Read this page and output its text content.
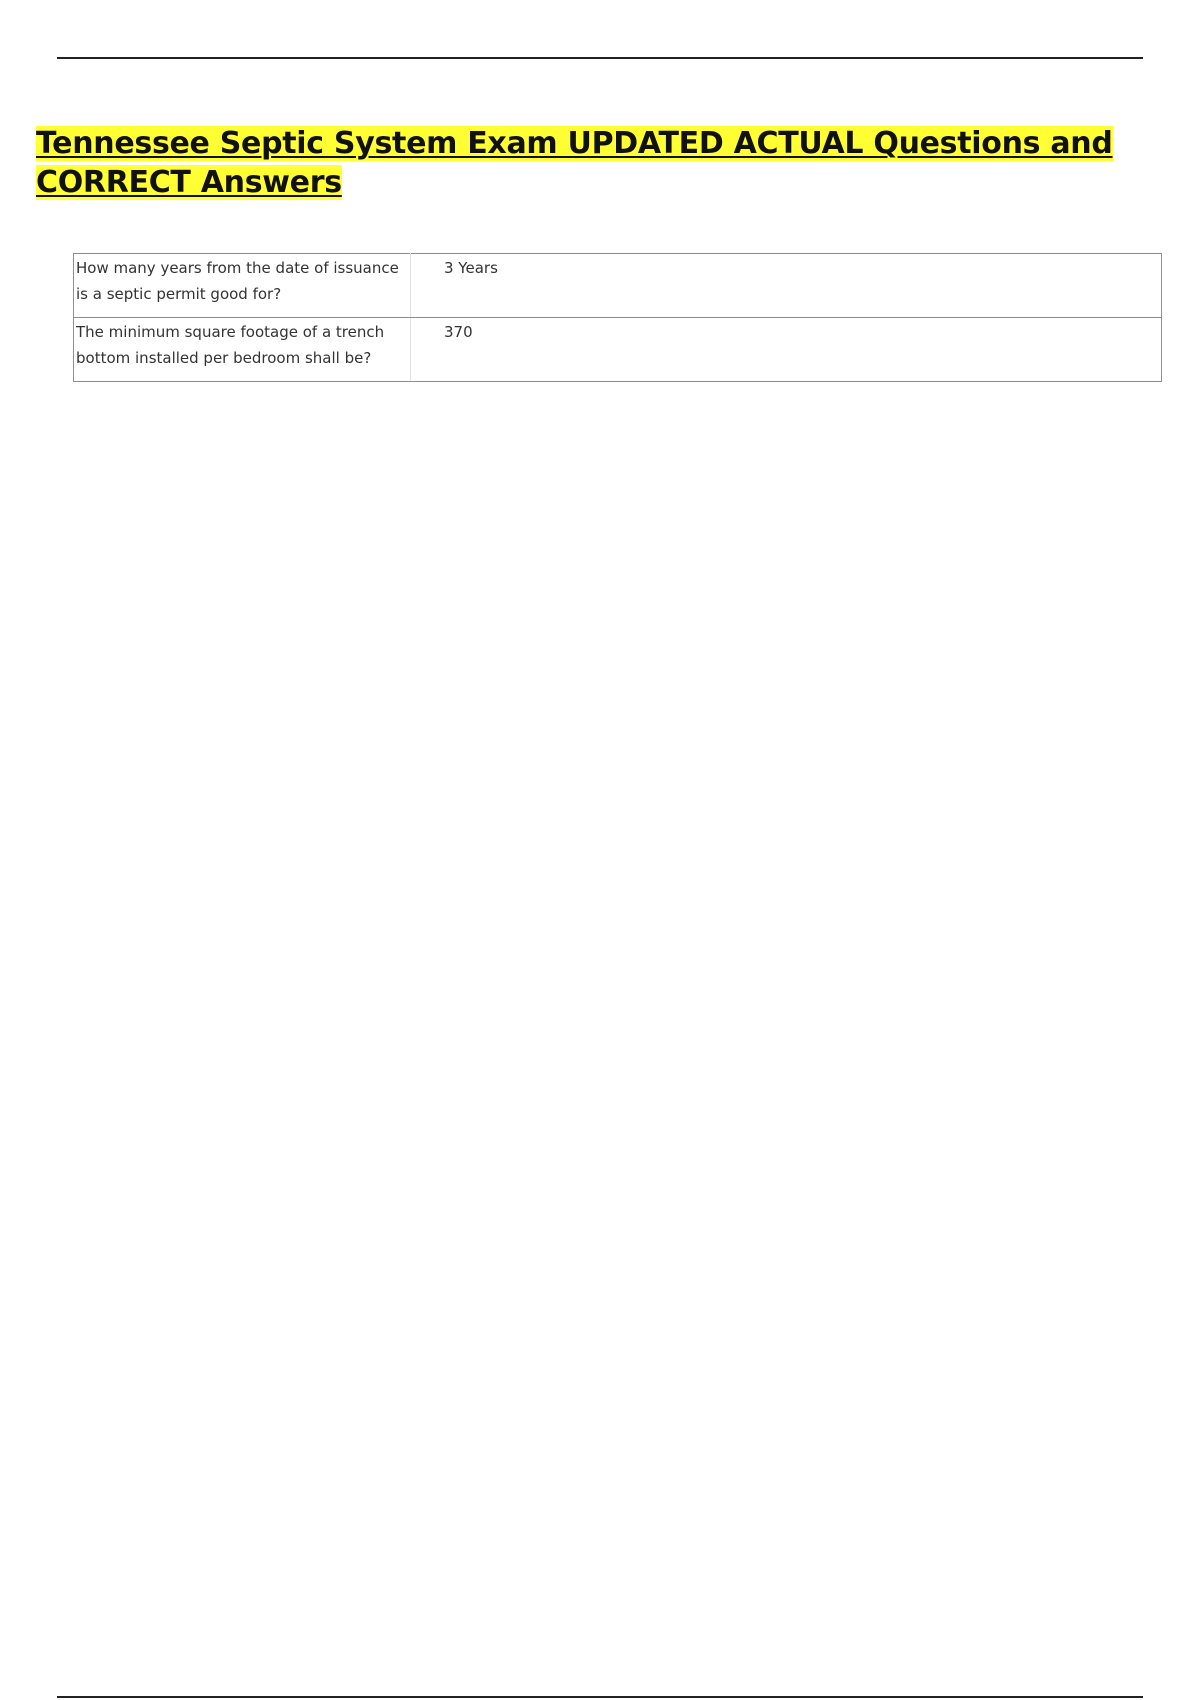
Tennessee Septic System Exam UPDATED ACTUAL Questions and CORRECT Answers
How many years from the date of issuance is a septic permit good for?	3 Years
The minimum square footage of a trench bottom installed per bedroom shall be?	370
